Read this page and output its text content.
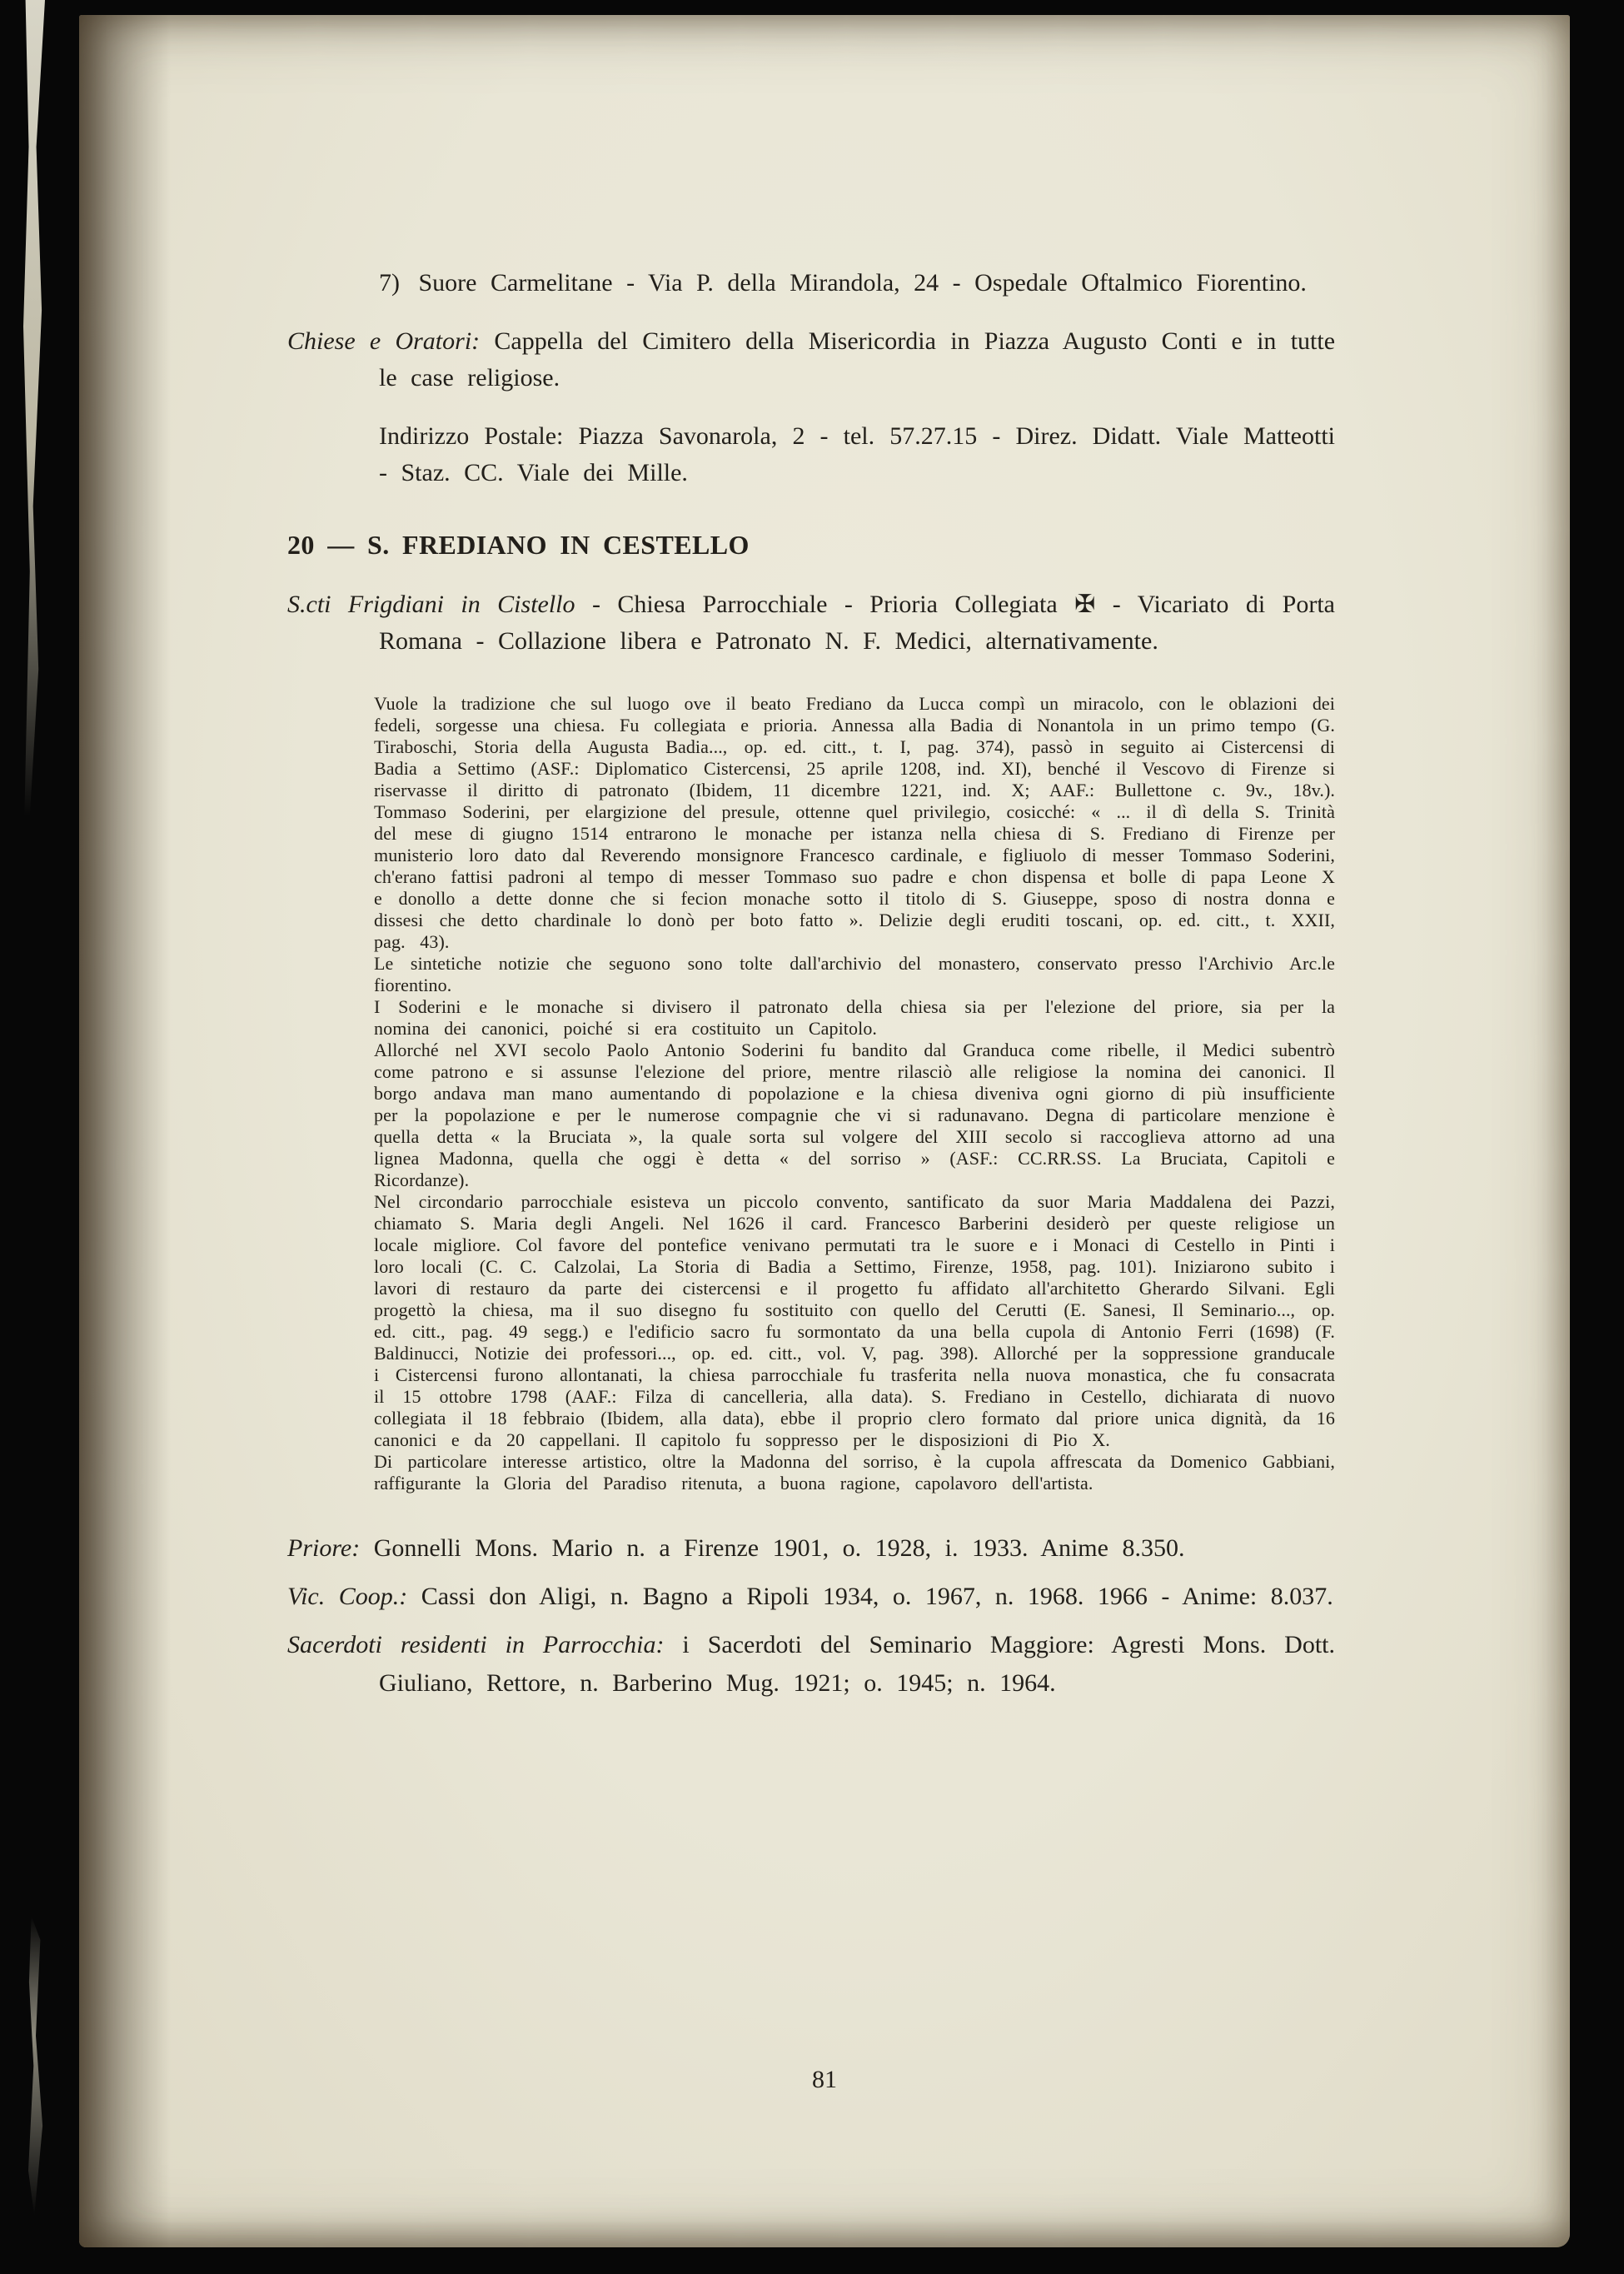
7) Suore Carmelitane - Via P. della Mirandola, 24 - Ospedale Oftalmico Fiorentino.

Chiese e Oratori: Cappella del Cimitero della Misericordia in Piazza Augusto Conti e in tutte le case religiose.

Indirizzo Postale: Piazza Savonarola, 2 - tel. 57.27.15 - Direz. Didatt. Viale Matteotti - Staz. CC. Viale dei Mille.

20 — S. FREDIANO IN CESTELLO

S.cti Frigdiani in Cistello - Chiesa Parrocchiale - Prioria Collegiata ✠ - Vicariato di Porta Romana - Collazione libera e Patronato N. F. Medici, alternativamente.

Vuole la tradizione che sul luogo ove il beato Frediano da Lucca compì un miracolo, con le oblazioni dei fedeli, sorgesse una chiesa. Fu collegiata e prioria. Annessa alla Badia di Nonantola in un primo tempo (G. Tiraboschi, Storia della Augusta Badia..., op. ed. citt., t. I, pag. 374), passò in seguito ai Cistercensi di Badia a Settimo (ASF.: Diplomatico Cistercensi, 25 aprile 1208, ind. XI), benché il Vescovo di Firenze si riservasse il diritto di patronato (Ibidem, 11 dicembre 1221, ind. X; AAF.: Bullettone c. 9v., 18v.). Tommaso Soderini, per elargizione del presule, ottenne quel privilegio, cosicché: « ... il dì della S. Trinità del mese di giugno 1514 entrarono le monache per istanza nella chiesa di S. Frediano di Firenze per munisterio loro dato dal Reverendo monsignore Francesco cardinale, e figliuolo di messer Tommaso Soderini, ch'erano fattisi padroni al tempo di messer Tommaso suo padre e chon dispensa et bolle di papa Leone X e donollo a dette donne che si fecion monache sotto il titolo di S. Giuseppe, sposo di nostra donna e dissesi che detto chardinale lo donò per boto fatto ». Delizie degli eruditi toscani, op. ed. citt., t. XXII, pag. 43).

Le sintetiche notizie che seguono sono tolte dall'archivio del monastero, conservato presso l'Archivio Arc.le fiorentino.

I Soderini e le monache si divisero il patronato della chiesa sia per l'elezione del priore, sia per la nomina dei canonici, poiché si era costituito un Capitolo.

Allorché nel XVI secolo Paolo Antonio Soderini fu bandito dal Granduca come ribelle, il Medici subentrò come patrono e si assunse l'elezione del priore, mentre rilasciò alle religiose la nomina dei canonici. Il borgo andava man mano aumentando di popolazione e la chiesa diveniva ogni giorno di più insufficiente per la popolazione e per le numerose compagnie che vi si radunavano. Degna di particolare menzione è quella detta « la Bruciata », la quale sorta sul volgere del XIII secolo si raccoglieva attorno ad una lignea Madonna, quella che oggi è detta « del sorriso » (ASF.: CC.RR.SS. La Bruciata, Capitoli e Ricordanze).

Nel circondario parrocchiale esisteva un piccolo convento, santificato da suor Maria Maddalena dei Pazzi, chiamato S. Maria degli Angeli. Nel 1626 il card. Francesco Barberini desiderò per queste religiose un locale migliore. Col favore del pontefice venivano permutati tra le suore e i Monaci di Cestello in Pinti i loro locali (C. C. Calzolai, La Storia di Badia a Settimo, Firenze, 1958, pag. 101). Iniziarono subito i lavori di restauro da parte dei cistercensi e il progetto fu affidato all'architetto Gherardo Silvani. Egli progettò la chiesa, ma il suo disegno fu sostituito con quello del Cerutti (E. Sanesi, Il Seminario..., op. ed. citt., pag. 49 segg.) e l'edificio sacro fu sormontato da una bella cupola di Antonio Ferri (1698) (F. Baldinucci, Notizie dei professori..., op. ed. citt., vol. V, pag. 398). Allorché per la soppressione granducale i Cistercensi furono allontanati, la chiesa parrocchiale fu trasferita nella nuova monastica, che fu consacrata il 15 ottobre 1798 (AAF.: Filza di cancelleria, alla data). S. Frediano in Cestello, dichiarata di nuovo collegiata il 18 febbraio (Ibidem, alla data), ebbe il proprio clero formato dal priore unica dignità, da 16 canonici e da 20 cappellani. Il capitolo fu soppresso per le disposizioni di Pio X.

Di particolare interesse artistico, oltre la Madonna del sorriso, è la cupola affrescata da Domenico Gabbiani, raffigurante la Gloria del Paradiso ritenuta, a buona ragione, capolavoro dell'artista.

Priore: Gonnelli Mons. Mario n. a Firenze 1901, o. 1928, i. 1933. Anime 8.350.

Vic. Coop.: Cassi don Aligi, n. Bagno a Ripoli 1934, o. 1967, n. 1968. 1966 - Anime: 8.037.

Sacerdoti residenti in Parrocchia: i Sacerdoti del Seminario Maggiore: Agresti Mons. Dott. Giuliano, Rettore, n. Barberino Mug. 1921; o. 1945; n. 1964.

81
